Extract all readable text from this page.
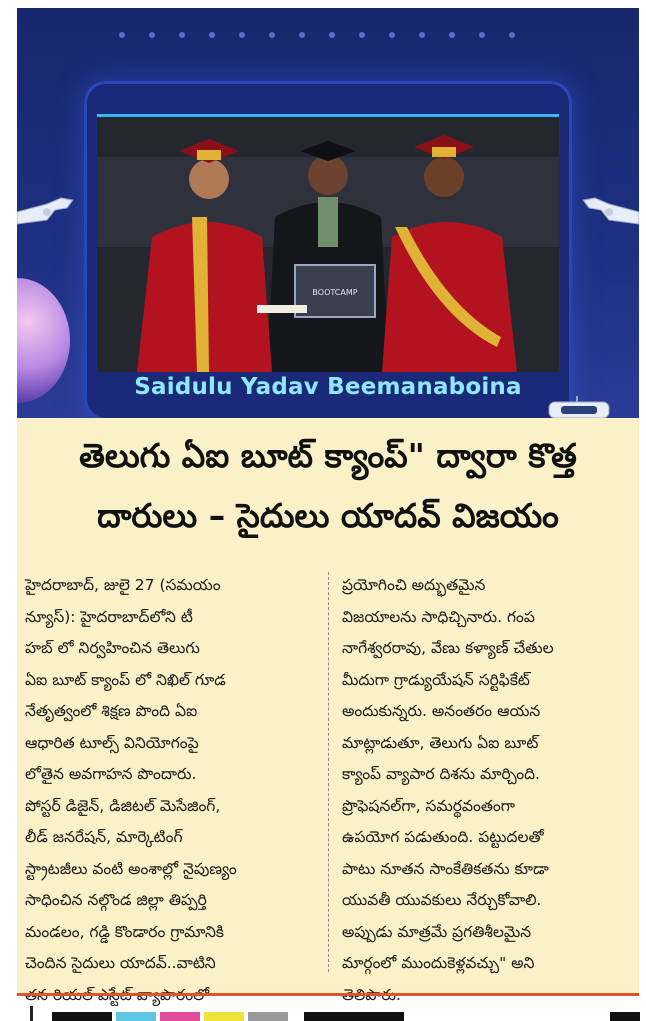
BOOTCAMP
Saidulu Yadav Beemanaboina
తెలుగు ఏఐ బూట్ క్యాంప్" ద్వారా కొత్త
దారులు – సైదులు యాదవ్ విజయం
హైదరాబాద్, జులై 27 (సమయం
న్యూస్): హైదరాబాద్‌లోని టీ
హబ్ లో నిర్వహించిన తెలుగు
ఏఐ బూట్ క్యాంప్ లో నిఖిల్ గూడ
నేతృత్వంలో శిక్షణ పొంది ఏఐ
ఆధారిత టూల్స్ వినియోగంపై
లోతైన అవగాహన పొందారు.
పోస్టర్ డిజైన్, డిజిటల్ మెసేజింగ్,
లీడ్ జనరేషన్, మార్కెటింగ్
స్ట్రాటజీలు వంటి అంశాల్లో నైపుణ్యం
సాధించిన నల్గొండ జిల్లా తిప్పర్తి
మండలం, గడ్డి కొండారం గ్రామానికి
చెందిన సైదులు యాదవ్..వాటిని
ప్రయోగించి అద్భుతమైన
విజయాలను సాధిచ్చినారు. గంప
నాగేశ్వరరావు, వేణు కళ్యాణ్ చేతుల
మీదుగా గ్రాడ్యుయేషన్ సర్టిఫికేట్
అందుకున్నరు. అనంతరం ఆయన
మాట్లాడుతూ, తెలుగు ఏఐ బూట్
క్యాంప్ వ్యాపార దిశను మార్చింది.
ప్రొఫెషనల్‌గా, సమర్థవంతంగా
ఉపయోగ పడుతుంది. పట్టుదలతో
పాటు నూతన సాంకేతికతను కూడా
యువతీ యువకులు నేర్చుకోవాలి.
అప్పుడు మాత్రమే ప్రగతిశీలమైన
మార్గంలో ముందుకెళ్లవచ్చు" అని
